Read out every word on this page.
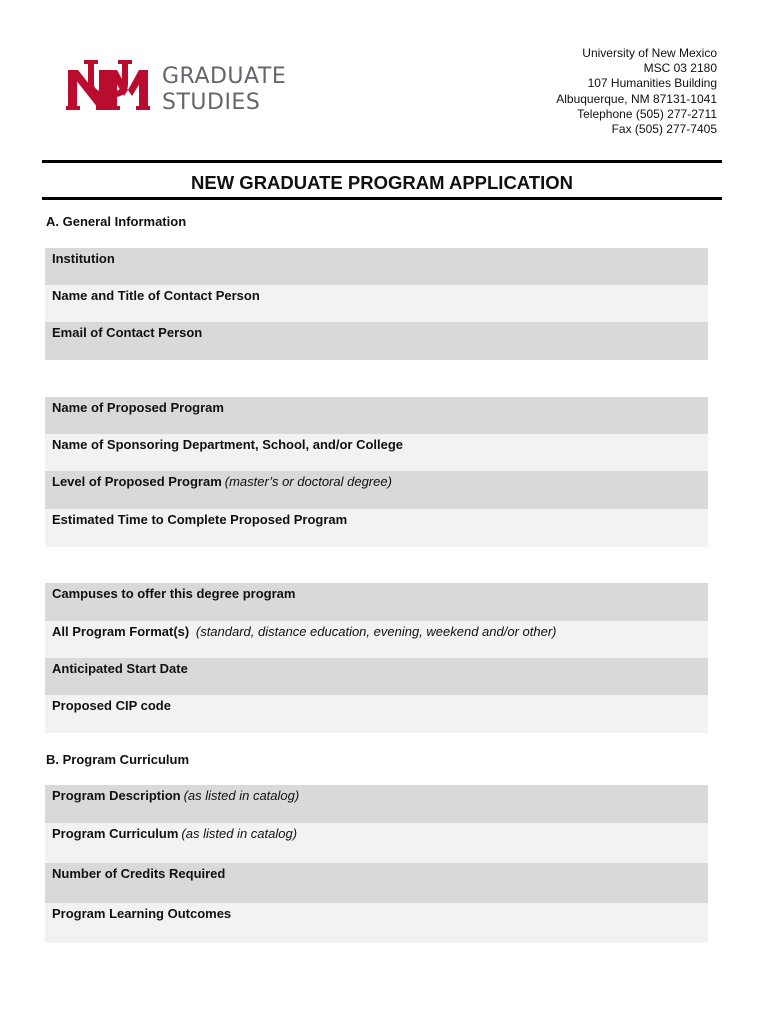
GRADUATE
STUDIES
University of New Mexico
MSC 03 2180
107 Humanities Building
Albuquerque, NM 87131-1041
Telephone (505) 277-2711
Fax (505) 277-7405
NEW GRADUATE PROGRAM APPLICATION
A. General Information
Institution
Name and Title of Contact Person
Email of Contact Person
Name of Proposed Program
Name of Sponsoring Department, School, and/or College
Level of Proposed Program (master’s or doctoral degree)
Estimated Time to Complete Proposed Program
Campuses to offer this degree program
All Program Format(s) (standard, distance education, evening, weekend and/or other)
Anticipated Start Date
Proposed CIP code
B. Program Curriculum
Program Description (as listed in catalog)
Program Curriculum (as listed in catalog)
Number of Credits Required
Program Learning Outcomes
